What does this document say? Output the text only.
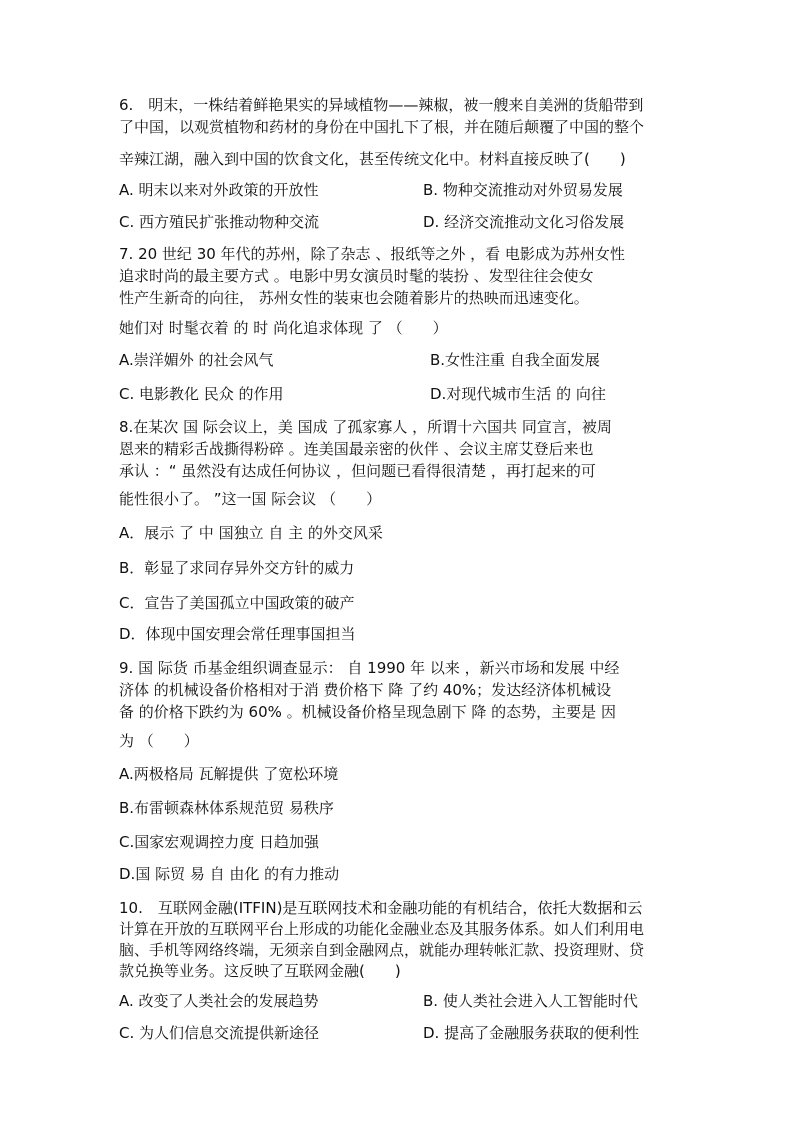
6.　明末，一株结着鲜艳果实的异域植物——辣椒，被一艘来自美洲的货船带到
了中国，以观赏植物和药材的身份在中国扎下了根，并在随后颠覆了中国的整个
辛辣江湖，融入到中国的饮食文化，甚至传统文化中。材料直接反映了(　　)
A. 明末以来对外政策的开放性	B. 物种交流推动对外贸易发展
C. 西方殖民扩张推动物种交流	D. 经济交流推动文化习俗发展
7. 20 世纪 30 年代的苏州，除了杂志 、报纸等之外 ，看 电影成为苏州女性
追求时尚的最主要方式 。电影中男女演员时髦的装扮 、发型往往会使女
性产生新奇的向往， 苏州女性的装束也会随着影片的热映而迅速变化。
她们对 时髦衣着 的 时 尚化追求体现 了 （　　）
A.崇洋媚外 的社会风气	B.女性注重 自我全面发展
C. 电影教化 民众 的作用	D.对现代城市生活 的 向往
8.在某次 国 际会议上，美 国成 了孤家寡人 ，所谓十六国共 同宣言，被周
恩来的精彩舌战撕得粉碎 。连美国最亲密的伙伴 、会议主席艾登后来也
承认 ：“ 虽然没有达成任何协议 ，但问题已看得很清楚 ，再打起来的可
能性很小了。 ”这一国 际会议 （　　）
A．展示 了 中 国独立 自 主 的外交风采
B．彰显了求同存异外交方针的威力
C．宣告了美国孤立中国政策的破产
D．体现中国安理会常任理事国担当
9. 国 际货 币基金组织调查显示： 自 1990 年 以来 ，新兴市场和发展 中经
济体 的机械设备价格相对于消 费价格下 降 了约 40%；发达经济体机械设
备 的价格下跌约为 60% 。机械设备价格呈现急剧下 降 的态势，主要是 因
为 （　　）
A.两极格局 瓦解提供 了宽松环境
B.布雷顿森林体系规范贸 易秩序
C.国家宏观调控力度 日趋加强
D.国 际贸 易 自 由化 的有力推动
10.　互联网金融(ITFIN)是互联网技术和金融功能的有机结合，依托大数据和云
计算在开放的互联网平台上形成的功能化金融业态及其服务体系。如人们利用电
脑、手机等网络终端，无须亲自到金融网点，就能办理转帐汇款、投资理财、贷
款兑换等业务。这反映了互联网金融(　　)
A. 改变了人类社会的发展趋势	B. 使人类社会进入人工智能时代
C. 为人们信息交流提供新途径	D. 提高了金融服务获取的便利性
